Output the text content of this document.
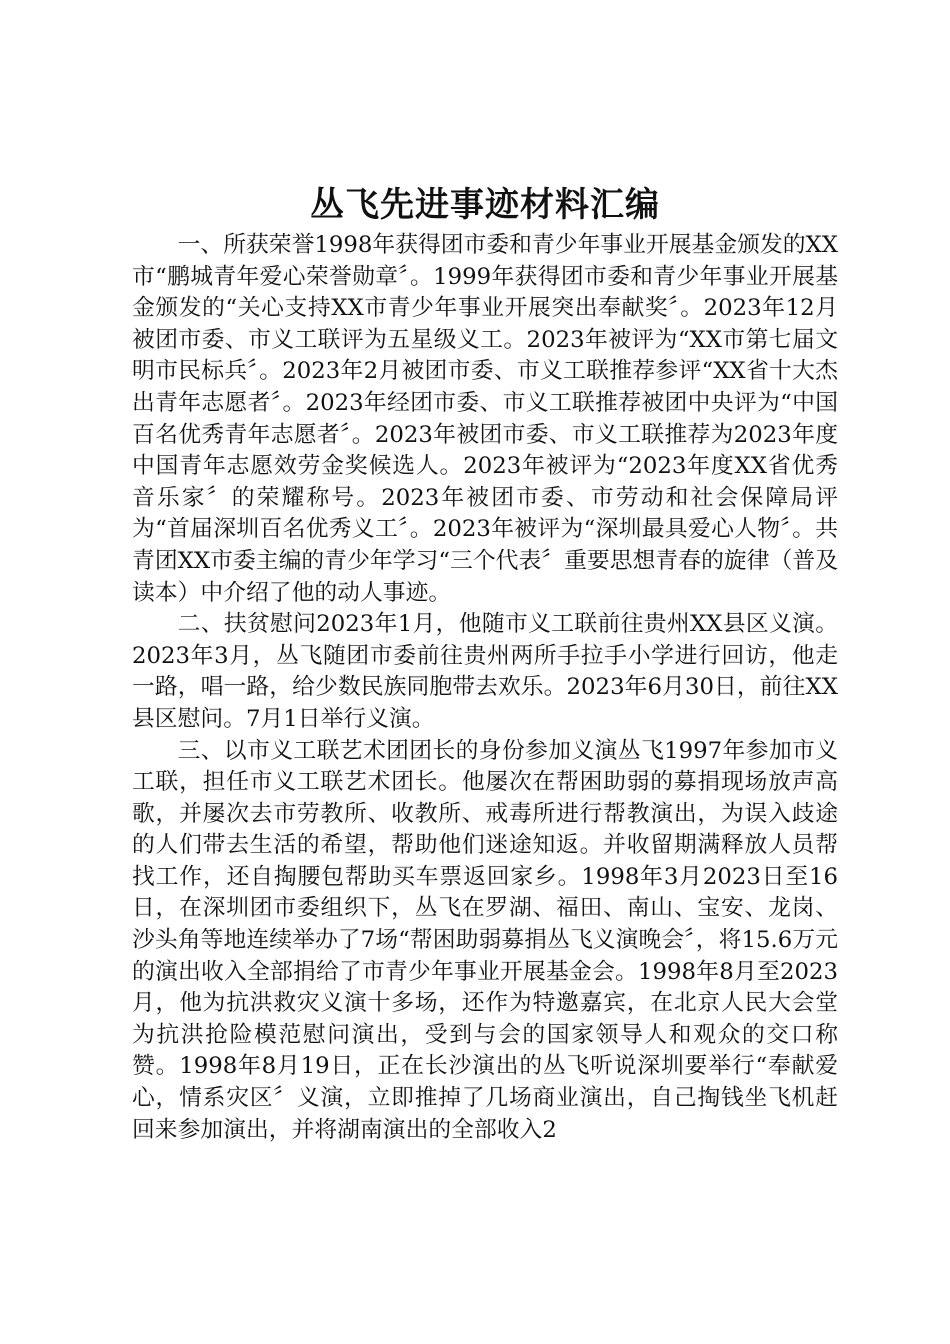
丛飞先进事迹材料汇编

一、所获荣誉1998年获得团市委和青少年事业开展基金颁发的XX市“鹏城青年爱心荣誉勋章〞。1999年获得团市委和青少年事业开展基金颁发的“关心支持XX市青少年事业开展突出奉献奖〞。2023年12月被团市委、市义工联评为五星级义工。2023年被评为“XX市第七届文明市民标兵〞。2023年2月被团市委、市义工联推荐参评“XX省十大杰出青年志愿者〞。2023年经团市委、市义工联推荐被团中央评为“中国百名优秀青年志愿者〞。2023年被团市委、市义工联推荐为2023年度中国青年志愿效劳金奖候选人。2023年被评为“2023年度XX省优秀音乐家〞的荣耀称号。2023年被团市委、市劳动和社会保障局评为“首届深圳百名优秀义工〞。2023年被评为“深圳最具爱心人物〞。共青团XX市委主编的青少年学习“三个代表〞重要思想青春的旋律（普及读本）中介绍了他的动人事迹。

二、扶贫慰问2023年1月，他随市义工联前往贵州XX县区义演。2023年3月，丛飞随团市委前往贵州两所手拉手小学进行回访，他走一路，唱一路，给少数民族同胞带去欢乐。2023年6月30日，前往XX县区慰问。7月1日举行义演。

三、以市义工联艺术团团长的身份参加义演丛飞1997年参加市义工联，担任市义工联艺术团长。他屡次在帮困助弱的募捐现场放声高歌，并屡次去市劳教所、收教所、戒毒所进行帮教演出，为误入歧途的人们带去生活的希望，帮助他们迷途知返。并收留期满释放人员帮找工作，还自掏腰包帮助买车票返回家乡。1998年3月2023日至16日，在深圳团市委组织下，丛飞在罗湖、福田、南山、宝安、龙岗、沙头角等地连续举办了7场“帮困助弱募捐丛飞义演晚会〞，将15.6万元的演出收入全部捐给了市青少年事业开展基金会。1998年8月至2023月，他为抗洪救灾义演十多场，还作为特邀嘉宾，在北京人民大会堂为抗洪抢险模范慰问演出，受到与会的国家领导人和观众的交口称赞。1998年8月19日，正在长沙演出的丛飞听说深圳要举行“奉献爱心，情系灾区〞义演，立即推掉了几场商业演出，自己掏钱坐飞机赶回来参加演出，并将湖南演出的全部收入2
